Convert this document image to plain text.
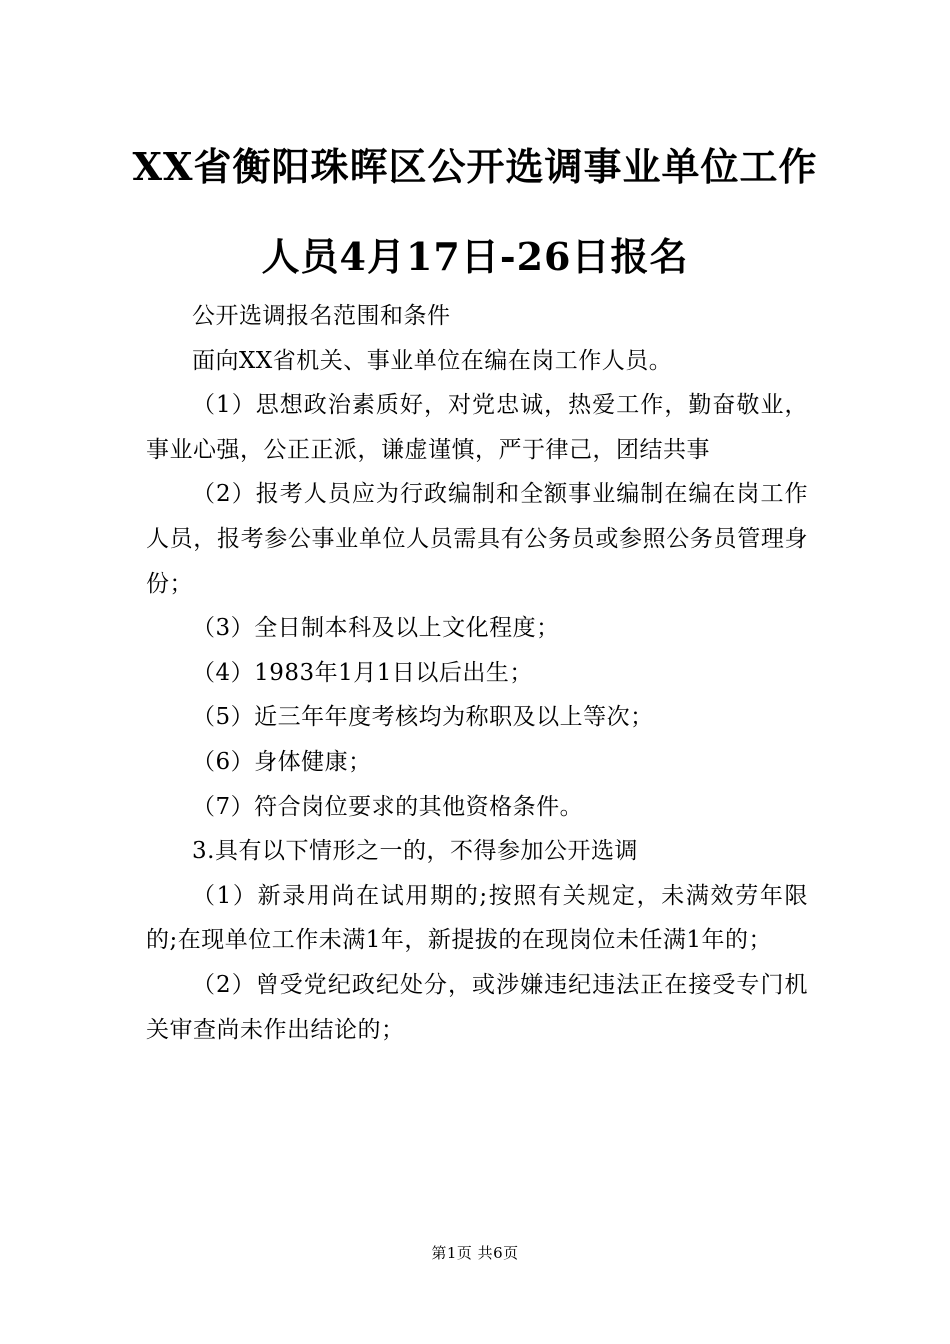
XX省衡阳珠晖区公开选调事业单位工作
人员4月17日-26日报名

公开选调报名范围和条件

面向XX省机关、事业单位在编在岗工作人员。

（1）思想政治素质好，对党忠诚，热爱工作，勤奋敬业，事业心强，公正正派，谦虚谨慎，严于律己，团结共事

（2）报考人员应为行政编制和全额事业编制在编在岗工作人员，报考参公事业单位人员需具有公务员或参照公务员管理身份；

（3）全日制本科及以上文化程度；

（4）1983年1月1日以后出生；

（5）近三年年度考核均为称职及以上等次；

（6）身体健康；

（7）符合岗位要求的其他资格条件。

3.具有以下情形之一的，不得参加公开选调

（1）新录用尚在试用期的;按照有关规定，未满效劳年限的;在现单位工作未满1年，新提拔的在现岗位未任满1年的；

（2）曾受党纪政纪处分，或涉嫌违纪违法正在接受专门机关审查尚未作出结论的；

第1页 共6页
